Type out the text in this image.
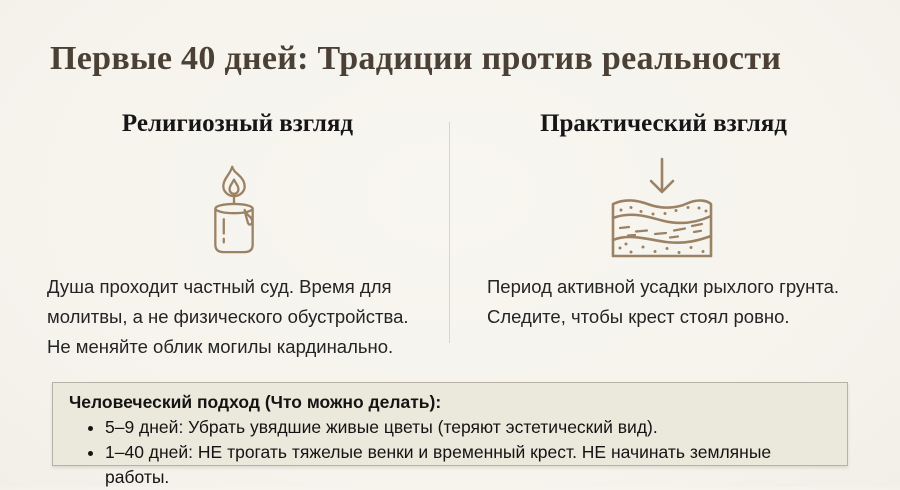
Первые 40 дней: Традиции против реальности
Религиозный взгляд	Практический взгляд

Душа проходит частный суд. Время для молитвы, а не физического обустройства. Не меняйте облик могилы кардинально.

Период активной усадки рыхлого грунта. Следите, чтобы крест стоял ровно.

Человеческий подход (Что можно делать):
• 5–9 дней: Убрать увядшие живые цветы (теряют эстетический вид).
• 1–40 дней: НЕ трогать тяжелые венки и временный крест. НЕ начинать земляные работы.
